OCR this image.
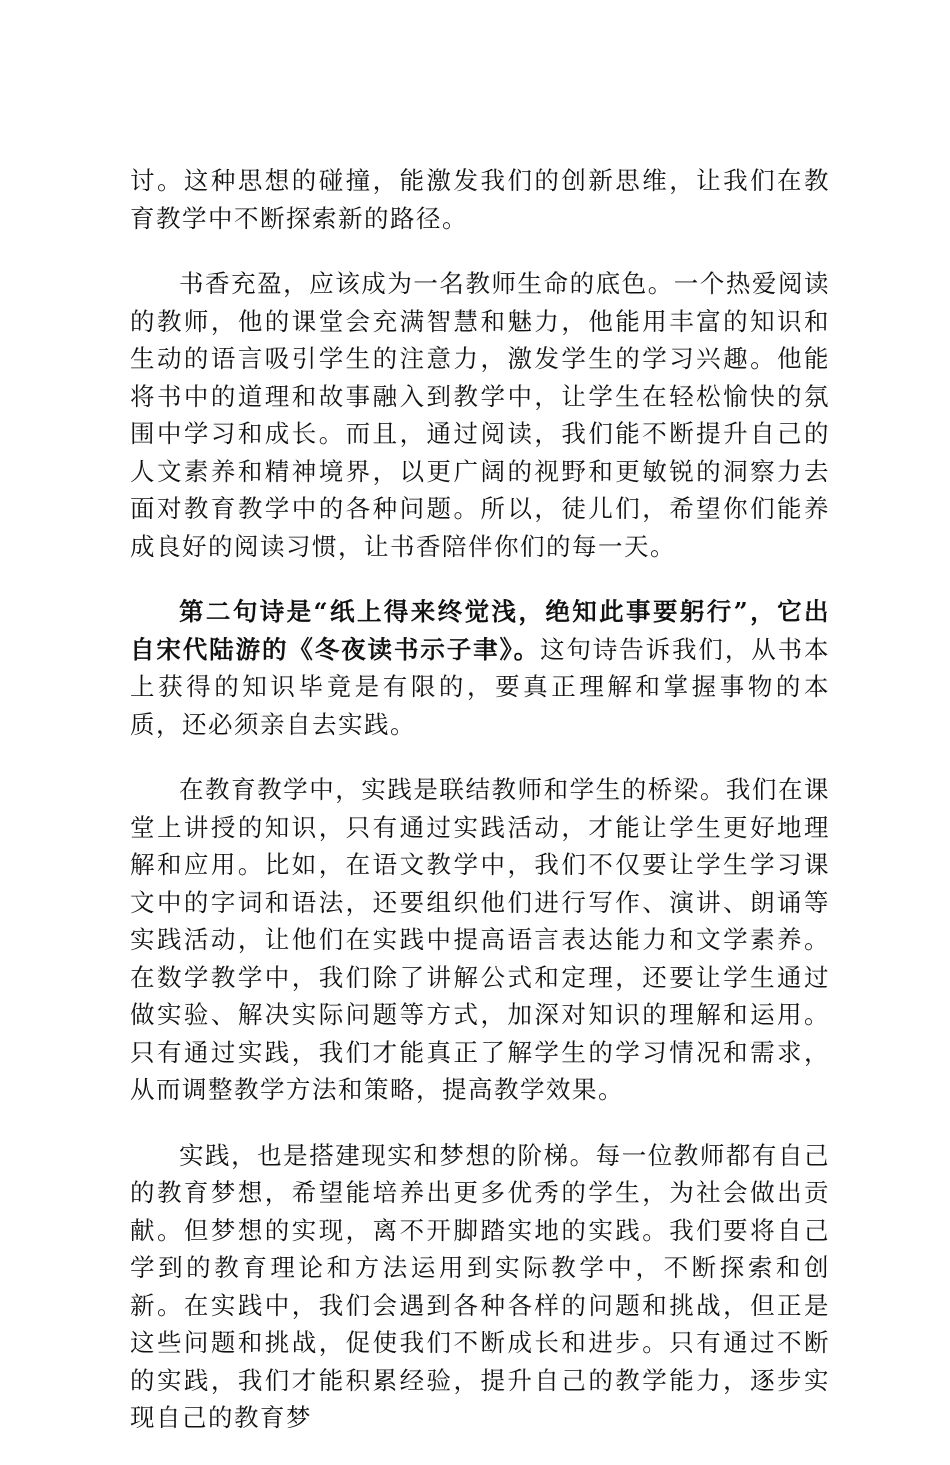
讨。这种思想的碰撞，能激发我们的创新思维，让我们在教育教学中不断探索新的路径。

书香充盈，应该成为一名教师生命的底色。一个热爱阅读的教师，他的课堂会充满智慧和魅力，他能用丰富的知识和生动的语言吸引学生的注意力，激发学生的学习兴趣。他能将书中的道理和故事融入到教学中，让学生在轻松愉快的氛围中学习和成长。而且，通过阅读，我们能不断提升自己的人文素养和精神境界，以更广阔的视野和更敏锐的洞察力去面对教育教学中的各种问题。所以，徒儿们，希望你们能养成良好的阅读习惯，让书香陪伴你们的每一天。

第二句诗是“纸上得来终觉浅，绝知此事要躬行”，它出自宋代陆游的《冬夜读书示子聿》。这句诗告诉我们，从书本上获得的知识毕竟是有限的，要真正理解和掌握事物的本质，还必须亲自去实践。

在教育教学中，实践是联结教师和学生的桥梁。我们在课堂上讲授的知识，只有通过实践活动，才能让学生更好地理解和应用。比如，在语文教学中，我们不仅要让学生学习课文中的字词和语法，还要组织他们进行写作、演讲、朗诵等实践活动，让他们在实践中提高语言表达能力和文学素养。在数学教学中，我们除了讲解公式和定理，还要让学生通过做实验、解决实际问题等方式，加深对知识的理解和运用。只有通过实践，我们才能真正了解学生的学习情况和需求，从而调整教学方法和策略，提高教学效果。

实践，也是搭建现实和梦想的阶梯。每一位教师都有自己的教育梦想，希望能培养出更多优秀的学生，为社会做出贡献。但梦想的实现，离不开脚踏实地的实践。我们要将自己学到的教育理论和方法运用到实际教学中，不断探索和创新。在实践中，我们会遇到各种各样的问题和挑战，但正是这些问题和挑战，促使我们不断成长和进步。只有通过不断的实践，我们才能积累经验，提升自己的教学能力，逐步实现自己的教育梦
